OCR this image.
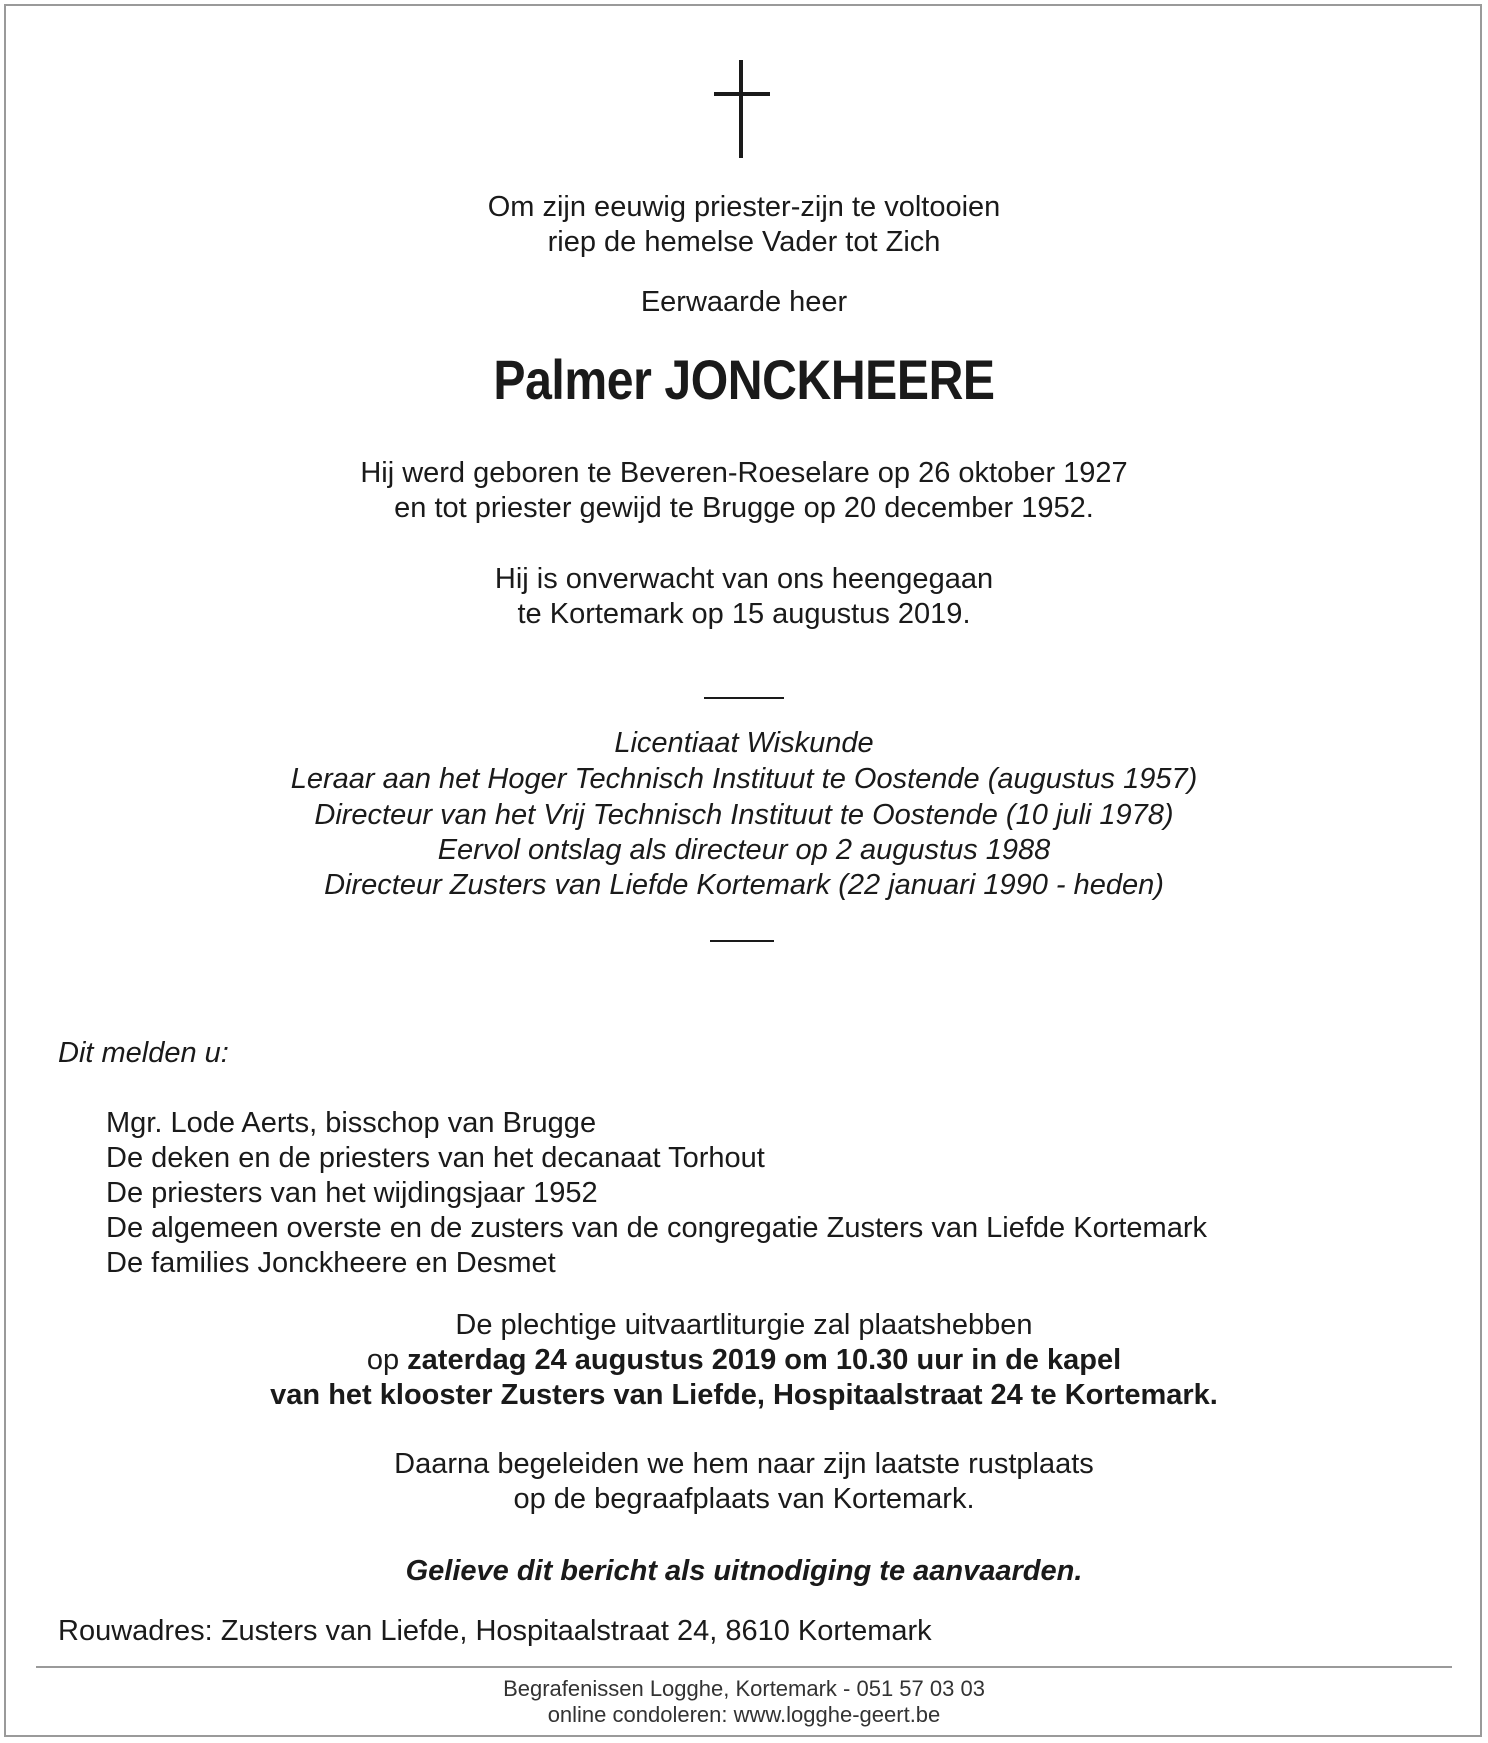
Om zijn eeuwig priester-zijn te voltooien
riep de hemelse Vader tot Zich
Eerwaarde heer
Palmer JONCKHEERE
Hij werd geboren te Beveren-Roeselare op 26 oktober 1927
en tot priester gewijd te Brugge op 20 december 1952.
Hij is onverwacht van ons heengegaan
te Kortemark op 15 augustus 2019.
Licentiaat Wiskunde
Leraar aan het Hoger Technisch Instituut te Oostende (augustus 1957)
Directeur van het Vrij Technisch Instituut te Oostende (10 juli 1978)
Eervol ontslag als directeur op 2 augustus 1988
Directeur Zusters van Liefde Kortemark (22 januari 1990 - heden)
Dit melden u:
Mgr. Lode Aerts, bisschop van Brugge
De deken en de priesters van het decanaat Torhout
De priesters van het wijdingsjaar 1952
De algemeen overste en de zusters van de congregatie Zusters van Liefde Kortemark
De families Jonckheere en Desmet
De plechtige uitvaartliturgie zal plaatshebben
op zaterdag 24 augustus 2019 om 10.30 uur in de kapel
van het klooster Zusters van Liefde, Hospitaalstraat 24 te Kortemark.
Daarna begeleiden we hem naar zijn laatste rustplaats
op de begraafplaats van Kortemark.
Gelieve dit bericht als uitnodiging te aanvaarden.
Rouwadres: Zusters van Liefde, Hospitaalstraat 24, 8610 Kortemark
Begrafenissen Logghe, Kortemark - 051 57 03 03
online condoleren: www.logghe-geert.be
